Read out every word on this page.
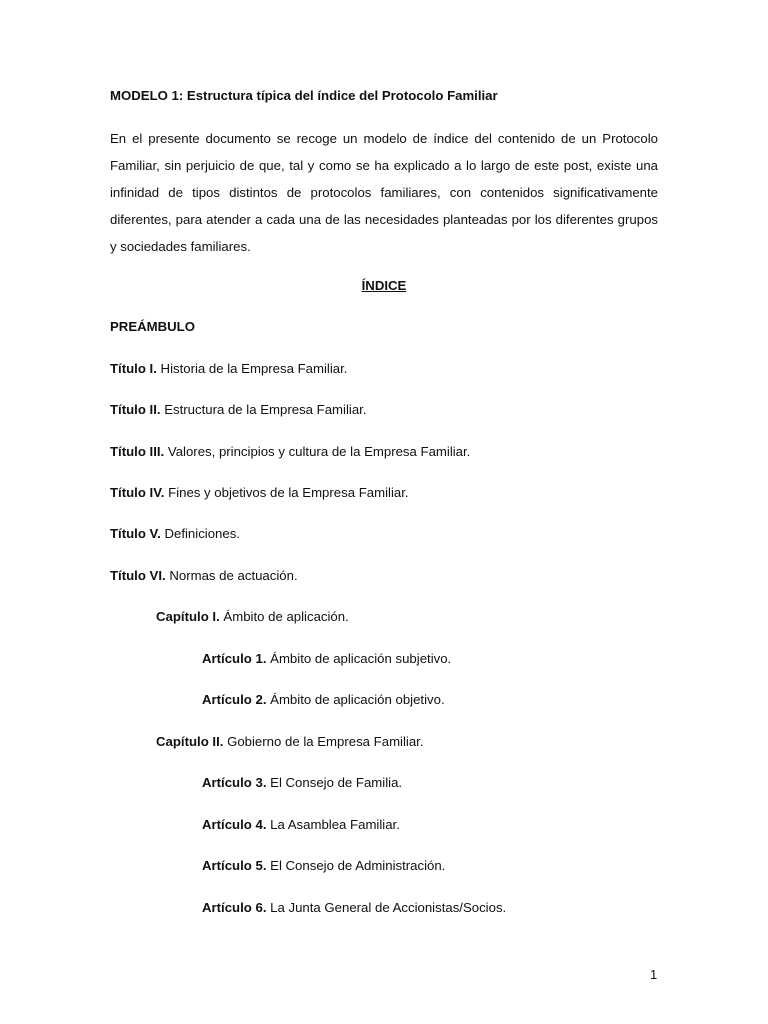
MODELO 1: Estructura típica del índice del Protocolo Familiar

En el presente documento se recoge un modelo de índice del contenido de un Protocolo Familiar, sin perjuicio de que, tal y como se ha explicado a lo largo de este post, existe una infinidad de tipos distintos de protocolos familiares, con contenidos significativamente diferentes, para atender a cada una de las necesidades planteadas por los diferentes grupos y sociedades familiares.

ÍNDICE
PREÁMBULO
Título I. Historia de la Empresa Familiar.
Título II. Estructura de la Empresa Familiar.
Título III. Valores, principios y cultura de la Empresa Familiar.
Título IV. Fines y objetivos de la Empresa Familiar.
Título V. Definiciones.
Título VI. Normas de actuación.
Capítulo I. Ámbito de aplicación.
Artículo 1. Ámbito de aplicación subjetivo.
Artículo 2. Ámbito de aplicación objetivo.
Capítulo II. Gobierno de la Empresa Familiar.
Artículo 3. El Consejo de Familia.
Artículo 4. La Asamblea Familiar.
Artículo 5. El Consejo de Administración.
Artículo 6. La Junta General de Accionistas/Socios.
1
